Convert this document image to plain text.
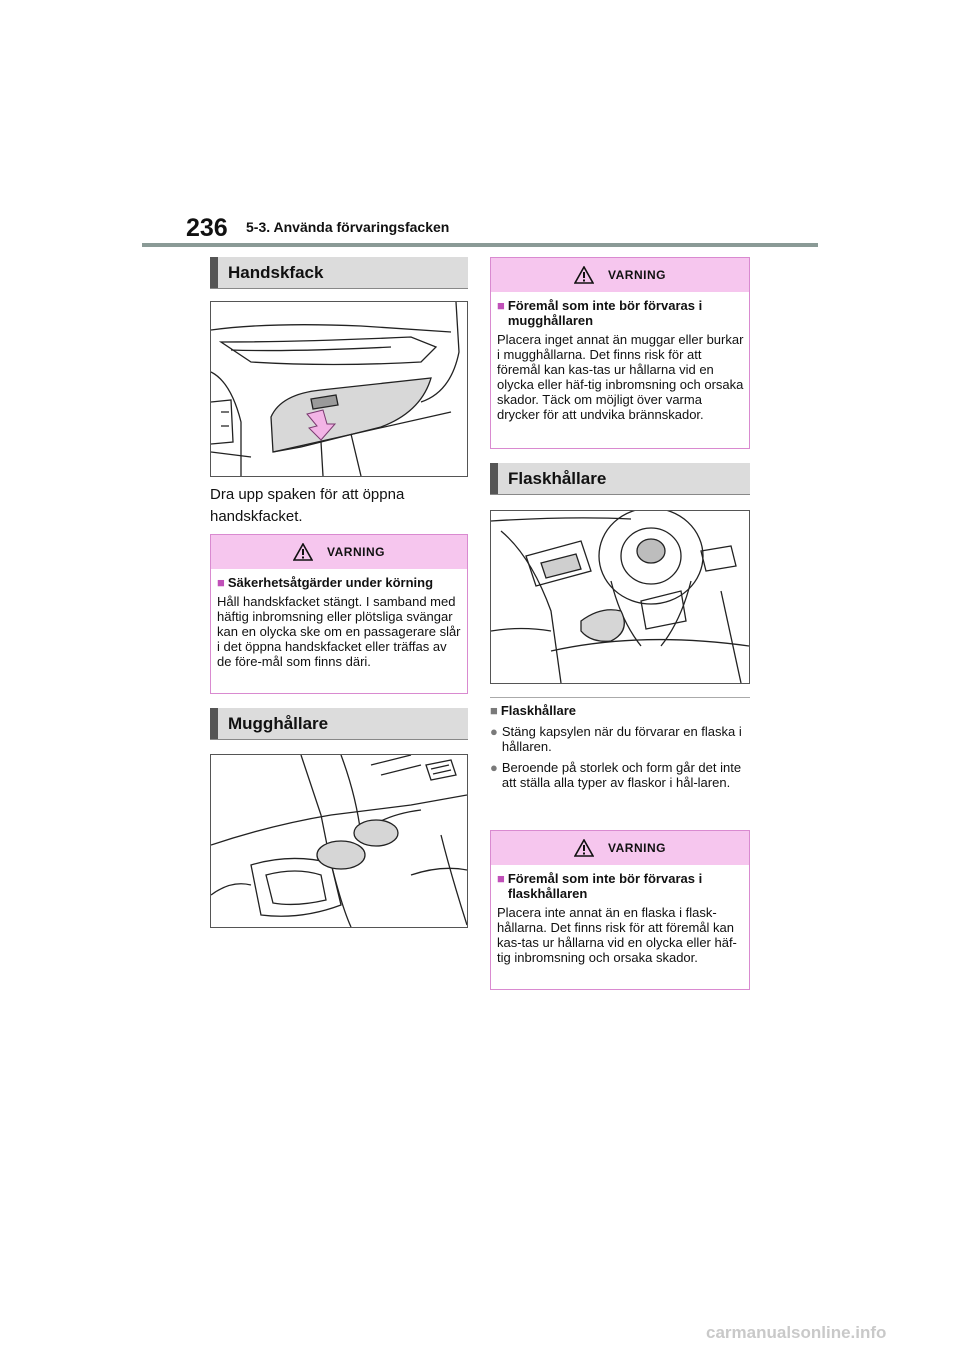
236 5-3. Använda förvaringsfacken
Handskfack
Dra upp spaken för att öppna handskfacket.
VARNING
■ Säkerhetsåtgärder under körning
Håll handskfacket stängt. I samband med häftig inbromsning eller plötsliga svängar kan en olycka ske om en passagerare slår i det öppna handskfacket eller träffas av de före-mål som finns däri.
Mugghållare
VARNING
■ Föremål som inte bör förvaras i mugghållaren
Placera inget annat än muggar eller burkar i mugghållarna. Det finns risk för att föremål kan kas-tas ur hållarna vid en olycka eller häf-tig inbromsning och orsaka skador. Täck om möjligt över varma drycker för att undvika brännskador.
Flaskhållare
■ Flaskhållare
● Stäng kapsylen när du förvarar en flaska i hållaren.
● Beroende på storlek och form går det inte att ställa alla typer av flaskor i hål-laren.
VARNING
■ Föremål som inte bör förvaras i flaskhållaren
Placera inte annat än en flaska i flask-hållarna. Det finns risk för att föremål kan kas-tas ur hållarna vid en olycka eller häf-tig inbromsning och orsaka skador.
carmanualsonline.info
